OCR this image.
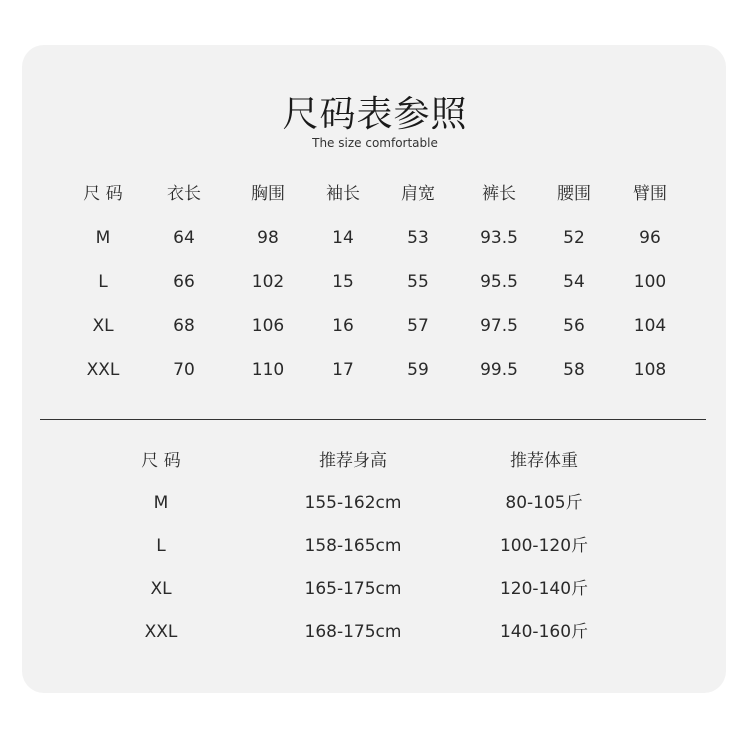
尺码表参照
The size comfortable
尺 码	衣长	胸围	袖长	肩宽	裤长	腰围	臂围
M	64	98	14	53	93.5	52	96
L	66	102	15	55	95.5	54	100
XL	68	106	16	57	97.5	56	104
XXL	70	110	17	59	99.5	58	108
尺 码	推荐身高	推荐体重
M	155-162cm	80-105斤
L	158-165cm	100-120斤
XL	165-175cm	120-140斤
XXL	168-175cm	140-160斤
